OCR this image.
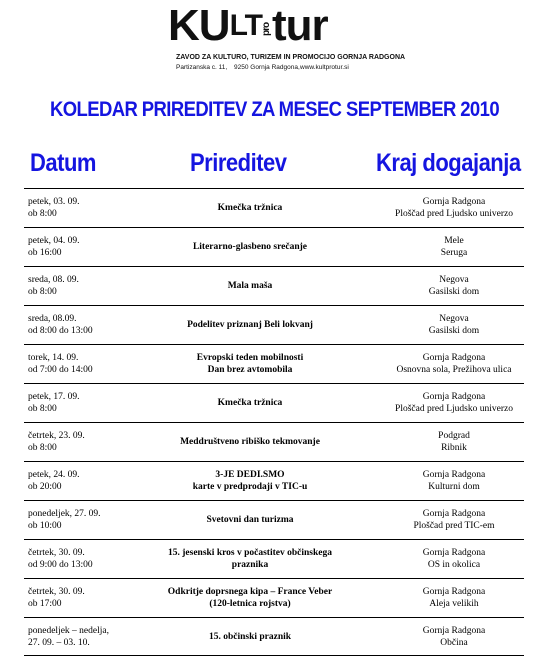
$KU^{LT}protur$
ZAVOD ZA KULTURO, TURIZEM IN PROMOCIJO GORNJA RADGONA
Partizanska c. 11, 9250 Gornja Radgona,www.kultprotur.si
KOLEDAR PRIREDITEV ZA MESEC SEPTEMBER 2010
Datum	Prireditev	Kraj dogajanja
petek, 03. 09.
ob 8:00
Kmečka tržnica
Gornja Radgona
Ploščad pred Ljudsko univerzo
petek, 04. 09.
ob 16:00
Literarno-glasbeno srečanje
Mele
Seruga
sreda, 08. 09.
ob 8:00
Mala maša
Negova
Gasilski dom
sreda, 08.09.
od 8:00 do 13:00
Podelitev priznanj Beli lokvanj
Negova
Gasilski dom
torek, 14. 09.
od 7:00 do 14:00
Evropski teden mobilnosti
Dan brez avtomobila
Gornja Radgona
Osnovna sola, Prežihova ulica
petek, 17. 09.
ob 8:00
Kmečka tržnica
Gornja Radgona
Ploščad pred Ljudsko univerzo
četrtek, 23. 09.
ob 8:00
Meddruštveno ribiško tekmovanje
Podgrad
Ribnik
petek, 24. 09.
ob 20:00
3-JE DEDI.SMO
karte v predprodaji v TIC-u
Gornja Radgona
Kulturni dom
ponedeljek, 27. 09.
ob 10:00
Svetovni dan turizma
Gornja Radgona
Ploščad pred TIC-em
četrtek, 30. 09.
od 9:00 do 13:00
15. jesenski kros v počastitev občinskega
praznika
Gornja Radgona
OS in okolica
četrtek, 30. 09.
ob 17:00
Odkritje doprsnega kipa – France Veber
(120-letnica rojstva)
Gornja Radgona
Aleja velikih
ponedeljek – nedelja,
27. 09. – 03. 10.
15. občinski praznik
Gornja Radgona
Občina
